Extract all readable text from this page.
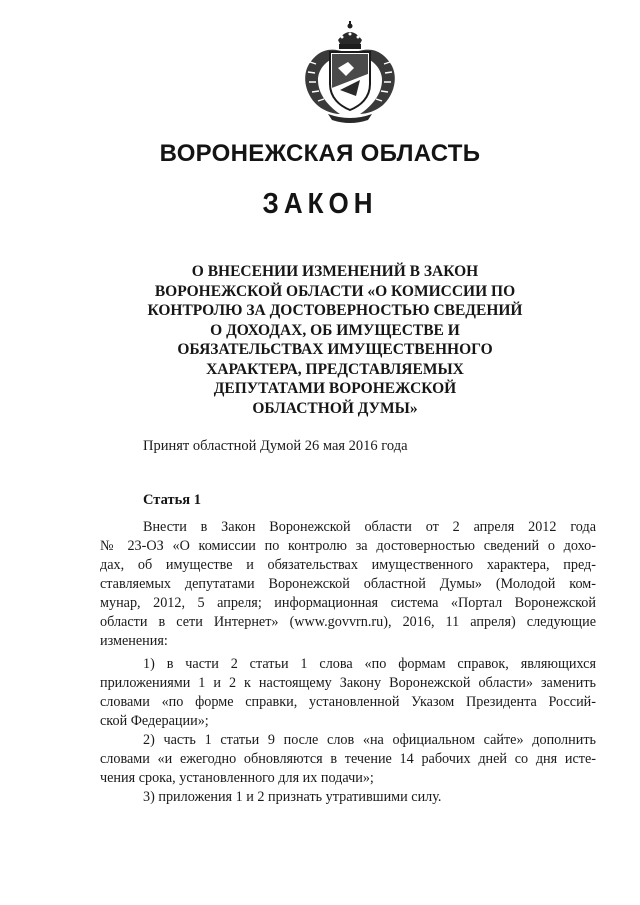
ВОРОНЕЖСКАЯ ОБЛАСТЬ
ЗАКОН
О ВНЕСЕНИИ ИЗМЕНЕНИЙ В ЗАКОН
ВОРОНЕЖСКОЙ ОБЛАСТИ «О КОМИССИИ ПО
КОНТРОЛЮ ЗА ДОСТОВЕРНОСТЬЮ СВЕДЕНИЙ
О ДОХОДАХ, ОБ ИМУЩЕСТВЕ И
ОБЯЗАТЕЛЬСТВАХ ИМУЩЕСТВЕННОГО
ХАРАКТЕРА, ПРЕДСТАВЛЯЕМЫХ
ДЕПУТАТАМИ ВОРОНЕЖСКОЙ
ОБЛАСТНОЙ ДУМЫ»
Принят областной Думой 26 мая 2016 года
Статья 1
Внести в Закон Воронежской области от 2 апреля 2012 года
№ 23-ОЗ «О комиссии по контролю за достоверностью сведений о дохо-
дах, об имуществе и обязательствах имущественного характера, пред-
ставляемых депутатами Воронежской областной Думы» (Молодой ком-
мунар, 2012, 5 апреля; информационная система «Портал Воронежской
области в сети Интернет» (www.govvrn.ru), 2016, 11 апреля) следующие
изменения:
1) в части 2 статьи 1 слова «по формам справок, являющихся
приложениями 1 и 2 к настоящему Закону Воронежской области» заменить
словами «по форме справки, установленной Указом Президента Россий-
ской Федерации»;
2) часть 1 статьи 9 после слов «на официальном сайте» дополнить
словами «и ежегодно обновляются в течение 14 рабочих дней со дня исте-
чения срока, установленного для их подачи»;
3) приложения 1 и 2 признать утратившими силу.
